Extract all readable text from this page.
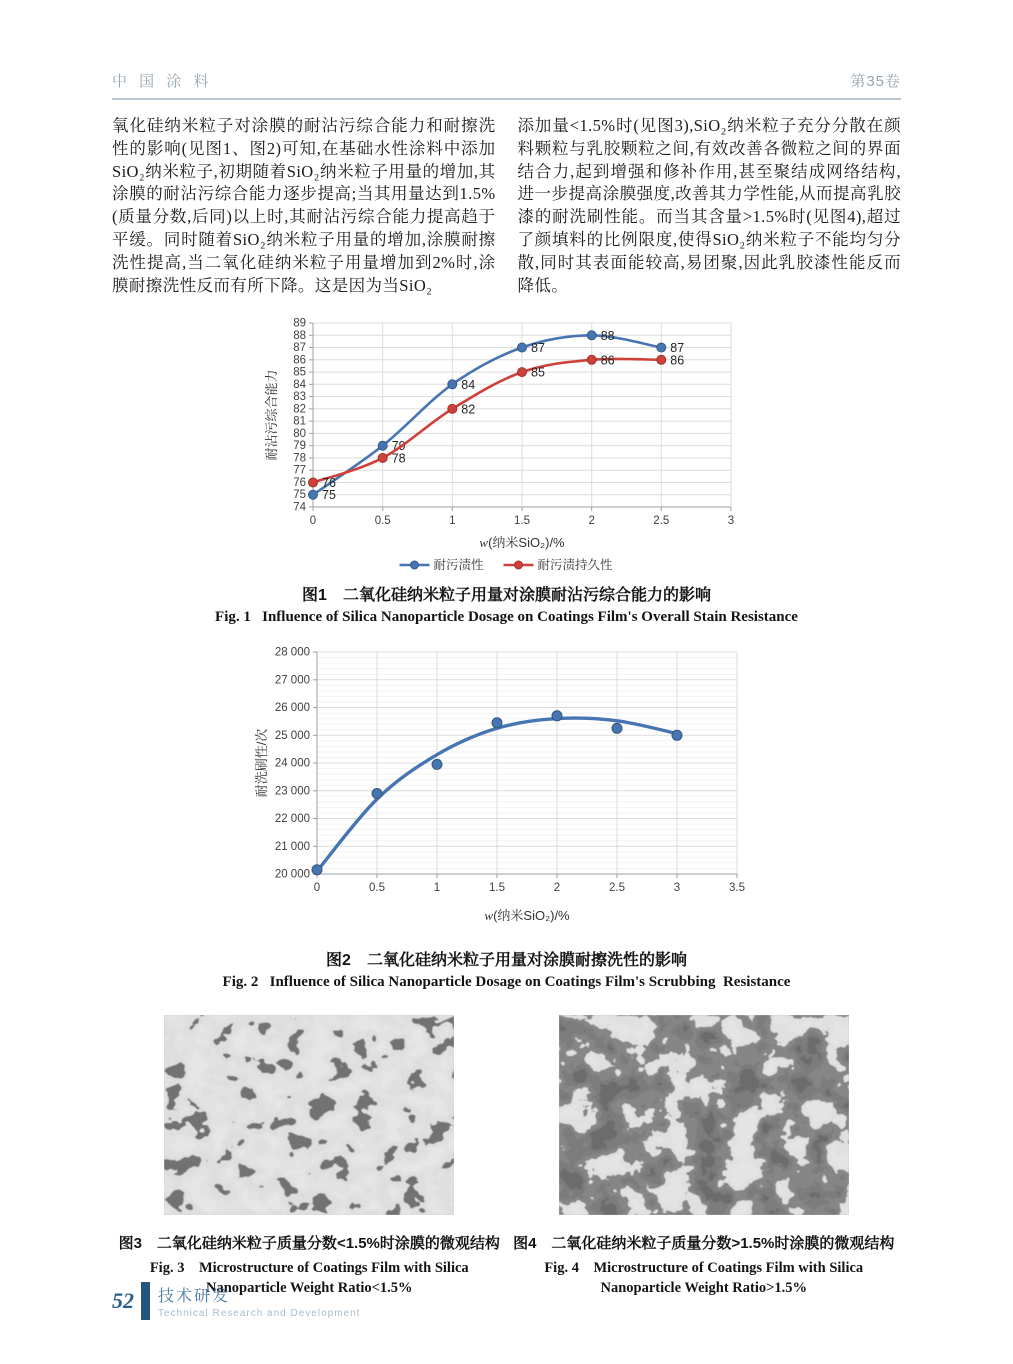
中 国 涂 料	第35卷

氧化硅纳米粒子对涂膜的耐沾污综合能力和耐擦洗性的影响(见图1、图2)可知,在基础水性涂料中添加SiO₂纳米粒子,初期随着SiO₂纳米粒子用量的增加,其涂膜的耐沾污综合能力逐步提高;当其用量达到1.5%(质量分数,后同)以上时,其耐沾污综合能力提高趋于平缓。同时随着SiO₂纳米粒子用量的增加,涂膜耐擦洗性提高,当二氧化硅纳米粒子用量增加到2%时,涂膜耐擦洗性反而有所下降。这是因为当SiO₂

添加量<1.5%时(见图3),SiO₂纳米粒子充分分散在颜料颗粒与乳胶颗粒之间,有效改善各微粒之间的界面结合力,起到增强和修补作用,甚至聚结成网络结构,进一步提高涂膜强度,改善其力学性能,从而提高乳胶漆的耐洗刷性能。而当其含量>1.5%时(见图4),超过了颜填料的比例限度,使得SiO₂纳米粒子不能均匀分散,同时其表面能较高,易团聚,因此乳胶漆性能反而降低。

74
75
76
77
78
79
80
81
82
83
84
85
86
87
88
89
0	0.5	1	1.5	2	2.5	3
75
79
84
87
88
87
76
78
82
85
86	86
耐沾污综合能力
w(纳米SiO₂)/%
耐污渍性	耐污渍持久性
图1　二氧化硅纳米粒子用量对涂膜耐沾污综合能力的影响
Fig. 1   Influence of Silica Nanoparticle Dosage on Coatings Film's Overall Stain Resistance
20 000
21 000
22 000
23 000
24 000
25 000
26 000
27 000
28 000
0	0.5	1	1.5	2	2.5	3	3.5
耐洗刷性/次
w(纳米SiO₂)/%
图2　二氧化硅纳米粒子用量对涂膜耐擦洗性的影响
Fig. 2   Influence of Silica Nanoparticle Dosage on Coatings Film's Scrubbing  Resistance
图3　二氧化硅纳米粒子质量分数<1.5%时涂膜的微观结构
Fig. 3    Microstructure of Coatings Film with Silica
Nanoparticle Weight Ratio<1.5%
图4　二氧化硅纳米粒子质量分数>1.5%时涂膜的微观结构
Fig. 4    Microstructure of Coatings Film with Silica
Nanoparticle Weight Ratio>1.5%
52 技术研发
Technical Research and Development
